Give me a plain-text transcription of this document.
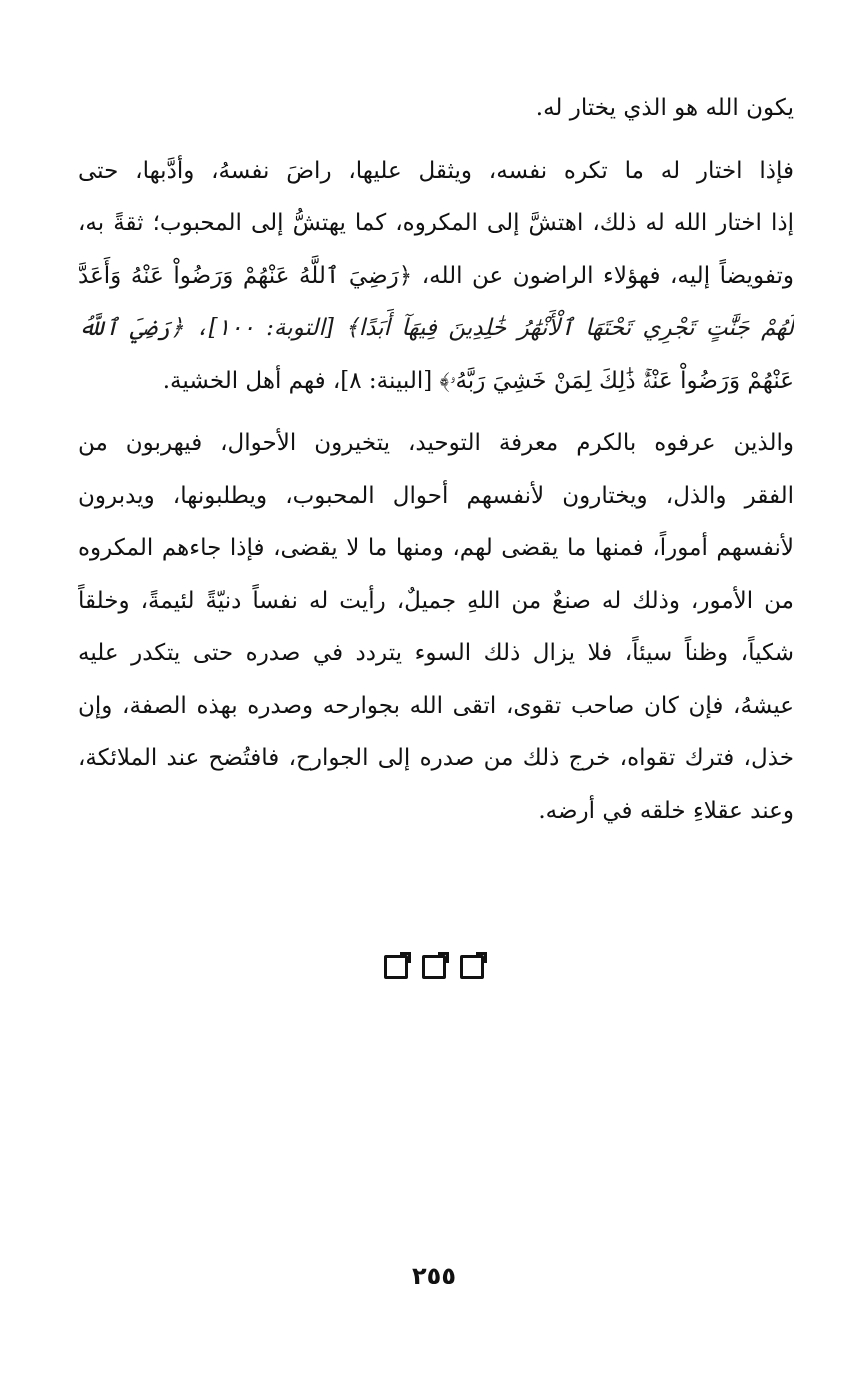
يكون الله هو الذي يختار له.
فإذا اختار له ما تكره نفسه، ويثقل عليها، راضَ نفسهُ، وأدَّبها، حتى
إذا اختار الله له ذلك، اهتشَّ إلى المكروه، كما يهتشُّ إلى المحبوب؛ ثقةً به،
وتفويضاً إليه، فهؤلاء الراضون عن الله، ﴿رَضِيَ ٱللَّهُ عَنْهُمْ وَرَضُواْ عَنْهُ وَأَعَدَّ
لَهُمْ جَنَّٰتٍ تَجْرِي تَحْتَهَا ٱلْأَنْهَٰرُ خَٰلِدِينَ فِيهَآ أَبَدًا﴾ [التوبة: ١٠٠]، ﴿رَضِيَ ٱللَّهُ
عَنْهُمْ وَرَضُواْ عَنْهُۚ ذَٰلِكَ لِمَنْ خَشِيَ رَبَّهُۥ﴾ [البينة: ٨]، فهم أهل الخشية.
والذين عرفوه بالكرم معرفة التوحيد، يتخيرون الأحوال، فيهربون من
الفقر والذل، ويختارون لأنفسهم أحوال المحبوب، ويطلبونها، ويدبرون
لأنفسهم أموراً، فمنها ما يقضى لهم، ومنها ما لا يقضى، فإذا جاءهم المكروه
من الأمور، وذلك له صنعٌ من اللهِ جميلٌ، رأيت له نفساً دنيّةً لئيمةً، وخلقاً
شكياً، وظناً سيئاً، فلا يزال ذلك السوء يتردد في صدره حتى يتكدر عليه
عيشهُ، فإن كان صاحب تقوى، اتقى الله بجوارحه وصدره بهذه الصفة، وإن
خذل، فترك تقواه، خرج ذلك من صدره إلى الجوارح، فافتُضح عند الملائكة،
وعند عقلاءِ خلقه في أرضه.
٢٥٥
